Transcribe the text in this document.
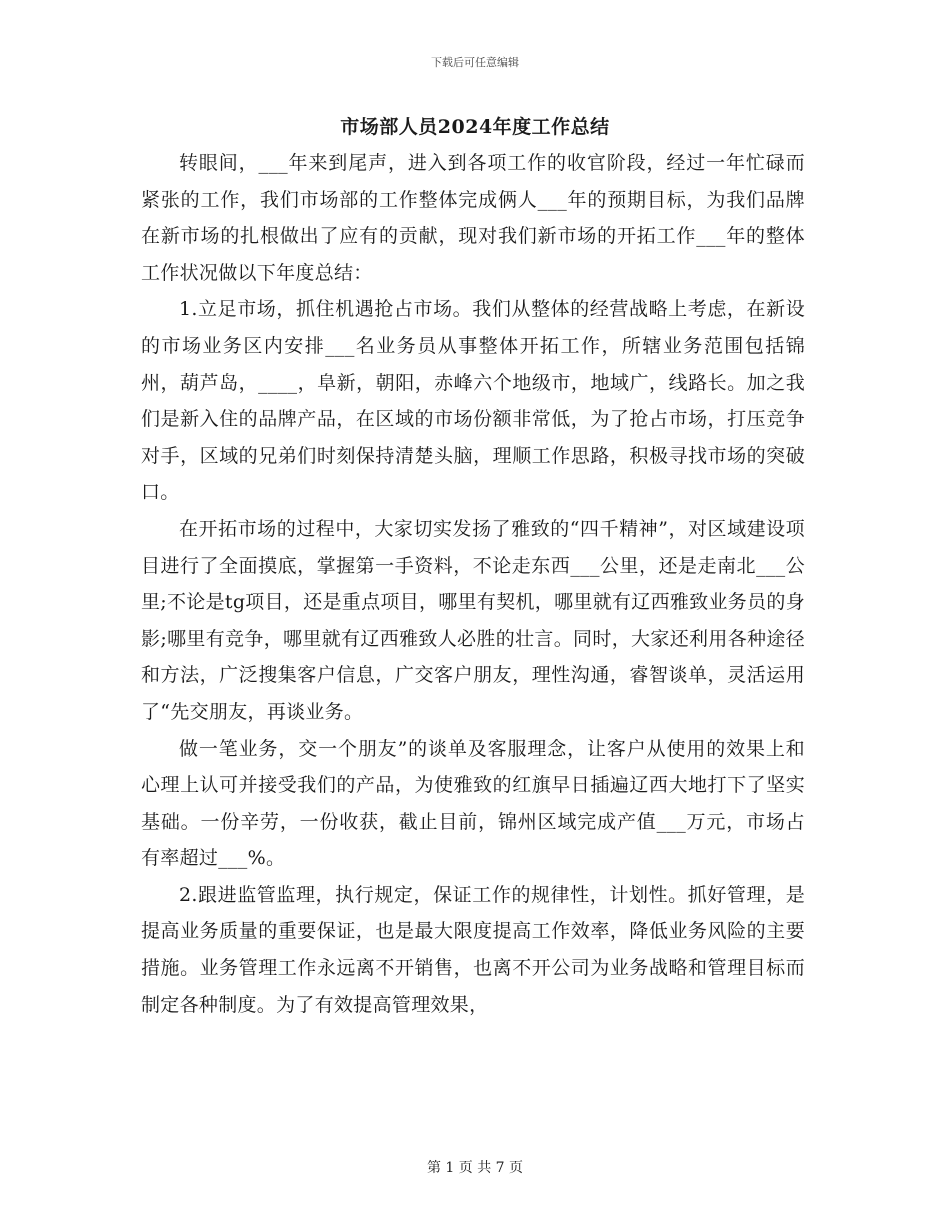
下载后可任意编辑
市场部人员2024年度工作总结

转眼间，___年来到尾声，进入到各项工作的收官阶段，经过一年忙碌而紧张的工作，我们市场部的工作整体完成俩人___年的预期目标，为我们品牌在新市场的扎根做出了应有的贡献，现对我们新市场的开拓工作___年的整体工作状况做以下年度总结：

1.立足市场，抓住机遇抢占市场。我们从整体的经营战略上考虑，在新设的市场业务区内安排___名业务员从事整体开拓工作，所辖业务范围包括锦州，葫芦岛，____，阜新，朝阳，赤峰六个地级市，地域广，线路长。加之我们是新入住的品牌产品，在区域的市场份额非常低，为了抢占市场，打压竞争对手，区域的兄弟们时刻保持清楚头脑，理顺工作思路，积极寻找市场的突破口。

在开拓市场的过程中，大家切实发扬了雅致的“四千精神”，对区域建设项目进行了全面摸底，掌握第一手资料，不论走东西___公里，还是走南北___公里;不论是tg项目，还是重点项目，哪里有契机，哪里就有辽西雅致业务员的身影;哪里有竞争，哪里就有辽西雅致人必胜的壮言。同时，大家还利用各种途径和方法，广泛搜集客户信息，广交客户朋友，理性沟通，睿智谈单，灵活运用了“先交朋友，再谈业务。

做一笔业务，交一个朋友”的谈单及客服理念，让客户从使用的效果上和心理上认可并接受我们的产品，为使雅致的红旗早日插遍辽西大地打下了坚实基础。一份辛劳，一份收获，截止目前，锦州区域完成产值___万元，市场占有率超过___%。

2.跟进监管监理，执行规定，保证工作的规律性，计划性。抓好管理，是提高业务质量的重要保证，也是最大限度提高工作效率，降低业务风险的主要措施。业务管理工作永远离不开销售，也离不开公司为业务战略和管理目标而制定各种制度。为了有效提高管理效果，

第 1 页 共 7 页
